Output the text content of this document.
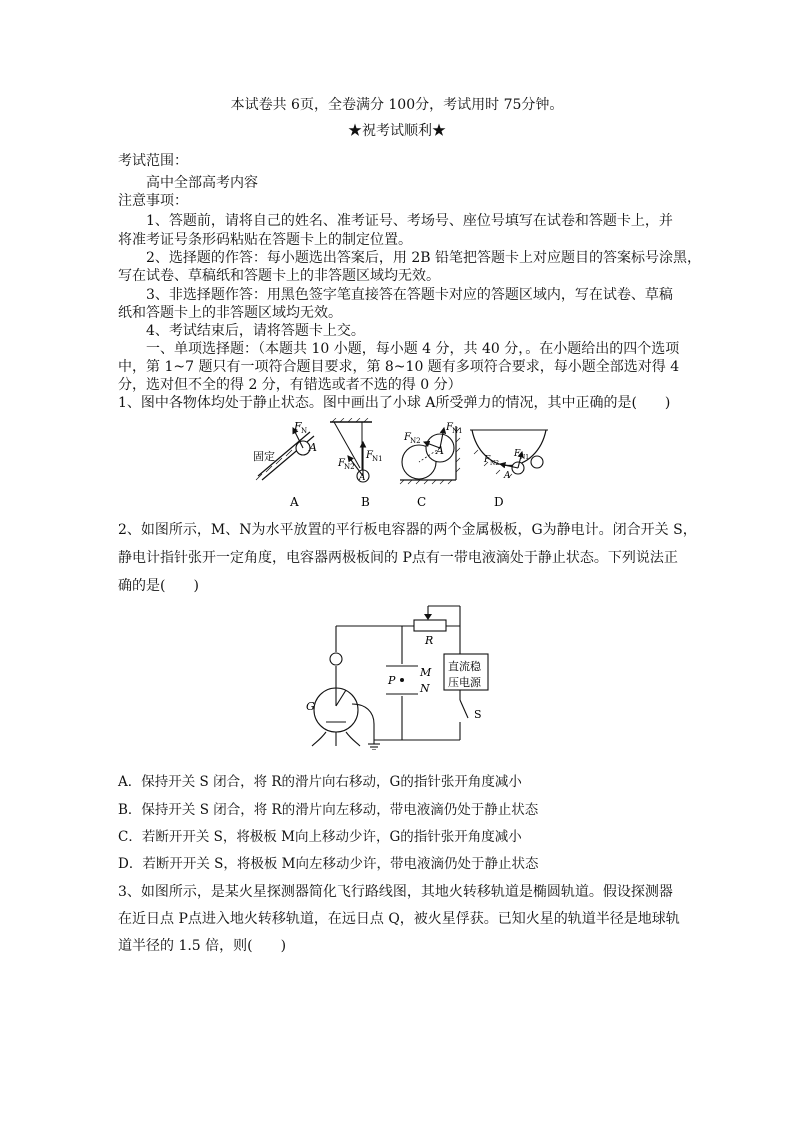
本试卷共 6页，全卷满分 100分，考试用时 75分钟。
★祝考试顺利★
考试范围：
高中全部高考内容
注意事项：
1、答题前，请将自己的姓名、准考证号、考场号、座位号填写在试卷和答题卡上，并
将准考证号条形码粘贴在答题卡上的制定位置。
2、选择题的作答：每小题选出答案后，用 2B 铅笔把答题卡上对应题目的答案标号涂黑，
写在试卷、草稿纸和答题卡上的非答题区域均无效。
3、非选择题作答：用黑色签字笔直接答在答题卡对应的答题区域内，写在试卷、草稿
纸和答题卡上的非答题区域均无效。
4、考试结束后，请将答题卡上交。
一、单项选择题：（本题共 10 小题，每小题 4 分，共 40 分，。在小题给出的四个选项
中，第 1~7 题只有一项符合题目要求，第 8~10 题有多项符合要求，每小题全部选对得 4
分，选对但不全的得 2 分，有错选或者不选的得 0 分）
1、图中各物体均处于静止状态。图中画出了小球 A所受弹力的情况，其中正确的是(　　)
固定
F N
A
F N1
F N2
A
F N1
F N2
A	F N1
F N2
A
A	B	C	D
2、如图所示，M、N为水平放置的平行板电容器的两个金属极板，G为静电计。闭合开关 S，
静电计指针张开一定角度，电容器两极板间的 P点有一带电液滴处于静止状态。下列说法正
确的是(　　)
R
M
N
P
G
S
直流稳
压电源
A．保持开关 S 闭合，将 R的滑片向右移动，G的指针张开角度减小
B．保持开关 S 闭合，将 R的滑片向左移动，带电液滴仍处于静止状态
C．若断开开关 S，将极板 M向上移动少许，G的指针张开角度减小
D．若断开开关 S，将极板 M向左移动少许，带电液滴仍处于静止状态
3、如图所示，是某火星探测器简化飞行路线图，其地火转移轨道是椭圆轨道。假设探测器
在近日点 P点进入地火转移轨道，在远日点 Q，被火星俘获。已知火星的轨道半径是地球轨
道半径的 1.5 倍，则(　　)
